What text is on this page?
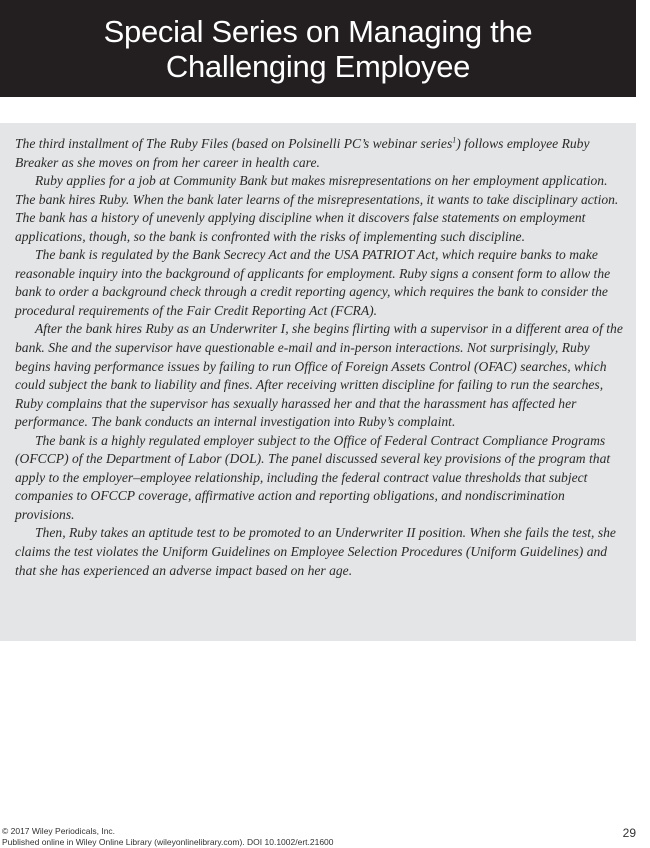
Special Series on Managing the Challenging Employee

The third installment of The Ruby Files (based on Polsinelli PC’s webinar series$^1$) follows employee Ruby Breaker as she moves on from her career in health care.

Ruby applies for a job at Community Bank but makes misrepresentations on her employment application. The bank hires Ruby. When the bank later learns of the misrepresentations, it wants to take disciplinary action. The bank has a history of unevenly applying discipline when it discovers false statements on employment applications, though, so the bank is confronted with the risks of implementing such discipline.

The bank is regulated by the Bank Secrecy Act and the USA PATRIOT Act, which require banks to make reasonable inquiry into the background of applicants for employment. Ruby signs a consent form to allow the bank to order a background check through a credit reporting agency, which requires the bank to consider the procedural requirements of the Fair Credit Reporting Act (FCRA).

After the bank hires Ruby as an Underwriter I, she begins flirting with a supervisor in a different area of the bank. She and the supervisor have questionable e-mail and in-person interactions. Not surprisingly, Ruby begins having performance issues by failing to run Office of Foreign Assets Control (OFAC) searches, which could subject the bank to liability and fines. After receiving written discipline for failing to run the searches, Ruby complains that the supervisor has sexually harassed her and that the harassment has affected her performance. The bank conducts an internal investigation into Ruby’s complaint.

The bank is a highly regulated employer subject to the Office of Federal Contract Compliance Programs (OFCCP) of the Department of Labor (DOL). The panel discussed several key provisions of the program that apply to the employer–employee relationship, including the federal contract value thresholds that subject companies to OFCCP coverage, affirmative action and reporting obligations, and nondiscrimination provisions.

Then, Ruby takes an aptitude test to be promoted to an Underwriter II position. When she fails the test, she claims the test violates the Uniform Guidelines on Employee Selection Procedures (Uniform Guidelines) and that she has experienced an adverse impact based on her age.

© 2017 Wiley Periodicals, Inc.
Published online in Wiley Online Library (wileyonlinelibrary.com). DOI 10.1002/ert.21600
29
